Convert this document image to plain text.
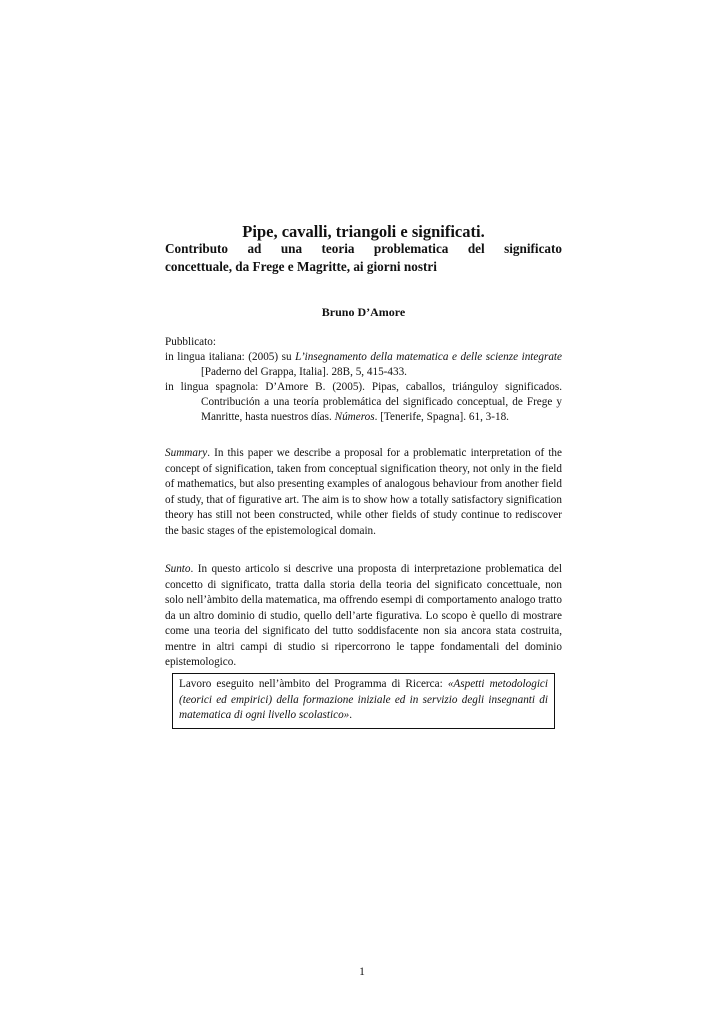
Pipe, cavalli, triangoli e significati.
Contributo ad una teoria problematica del significato
concettuale, da Frege e Magritte, ai giorni nostri

Bruno D’Amore

Pubblicato:

in lingua italiana: (2005) su L’insegnamento della matematica e delle scienze integrate [Paderno del Grappa, Italia]. 28B, 5, 415-433.

in lingua spagnola: D’Amore B. (2005). Pipas, caballos, triánguloy significados. Contribución a una teoría problemática del significado conceptual, de Frege y Manritte, hasta nuestros días. Números. [Tenerife, Spagna]. 61, 3-18.

Summary. In this paper we describe a proposal for a problematic interpretation of the concept of signification, taken from conceptual signification theory, not only in the field of mathematics, but also presenting examples of analogous behaviour from another field of study, that of figurative art. The aim is to show how a totally satisfactory signification theory has still not been constructed, while other fields of study continue to rediscover the basic stages of the epistemological domain.

Sunto. In questo articolo si descrive una proposta di interpretazione problematica del concetto di significato, tratta dalla storia della teoria del significato concettuale, non solo nell’àmbito della matematica, ma offrendo esempi di comportamento analogo tratto da un altro dominio di studio, quello dell’arte figurativa. Lo scopo è quello di mostrare come una teoria del significato del tutto soddisfacente non sia ancora stata costruita, mentre in altri campi di studio si ripercorrono le tappe fondamentali del dominio epistemologico.

Lavoro eseguito nell’àmbito del Programma di Ricerca: «Aspetti metodologici (teorici ed empirici) della formazione iniziale ed in servizio degli insegnanti di matematica di ogni livello scolastico».
1
